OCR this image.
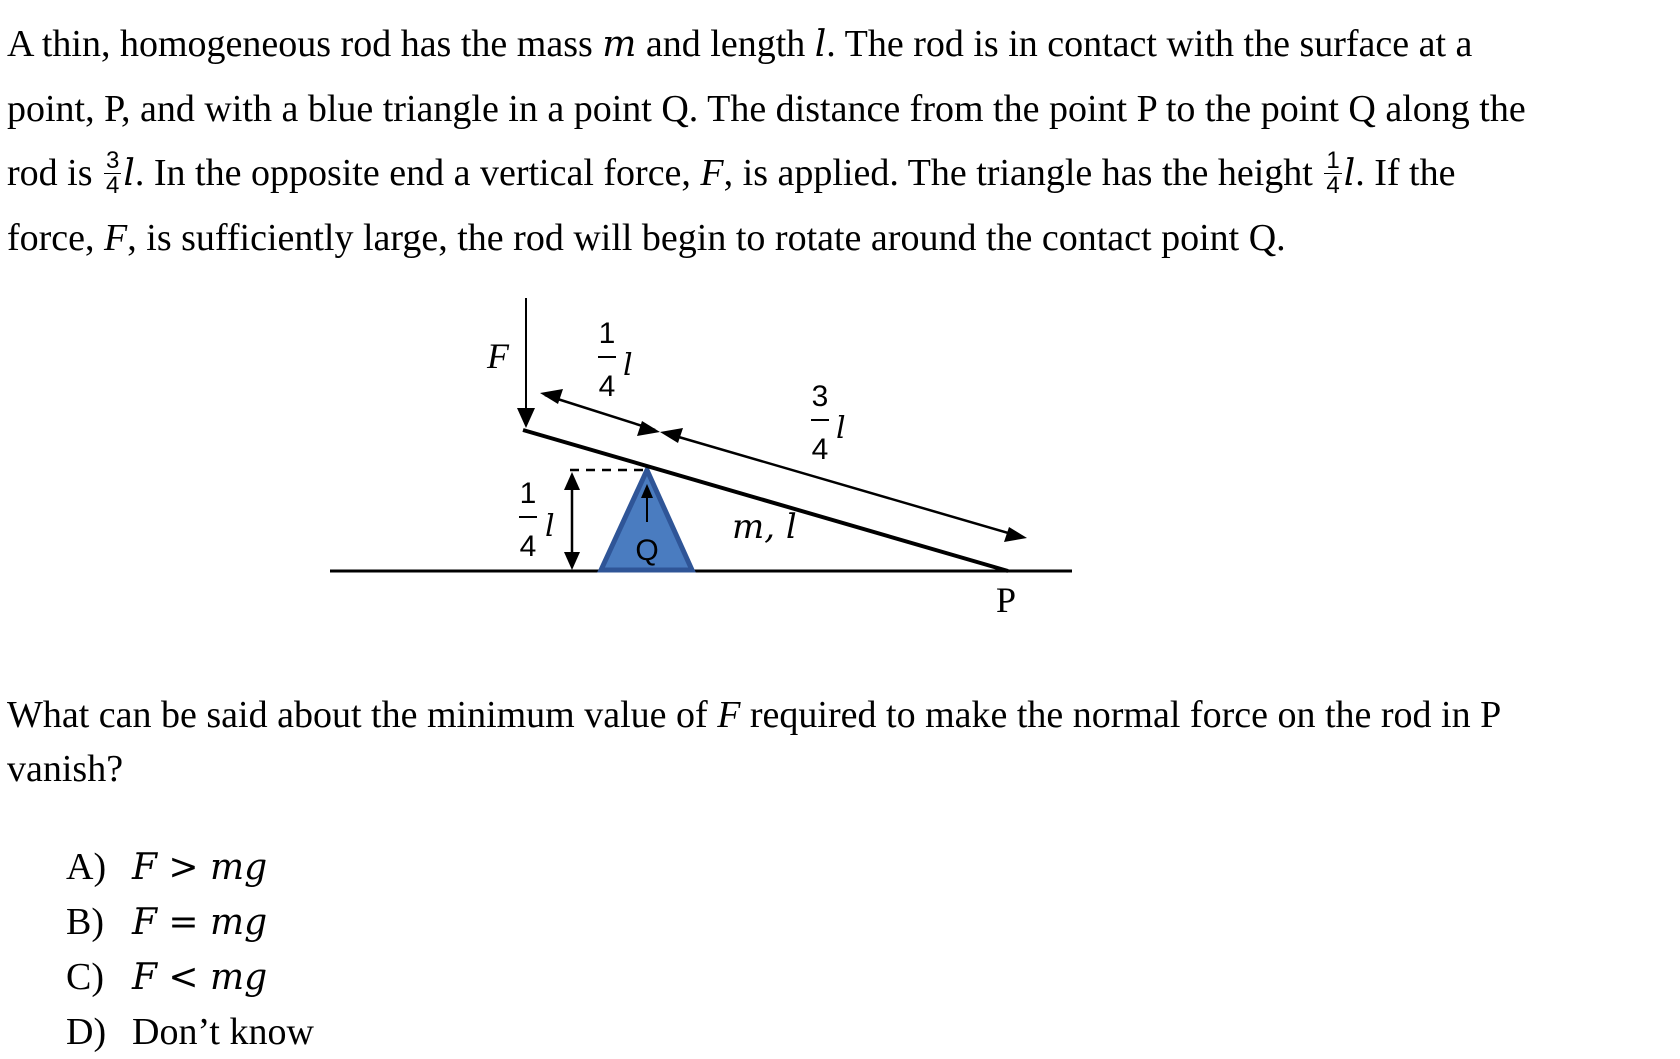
A thin, homogeneous rod has the mass m and length l. The rod is in contact with the surface at a
point, P, and with a blue triangle in a point Q. The distance from the point P to the point Q along the
rod is $\frac{3}{4} l$. In the opposite end a vertical force, F, is applied. The triangle has the height $\frac{1}{4} l$. If the
force, F, is sufficiently large, the rod will begin to rotate around the contact point Q.
F
1
4
l
3
4
l
1
4
l	m, l
Q
P
What can be said about the minimum value of F required to make the normal force on the rod in P
vanish?
A) F > mg
B) F = mg
C) F < mg
D) Don’t know
